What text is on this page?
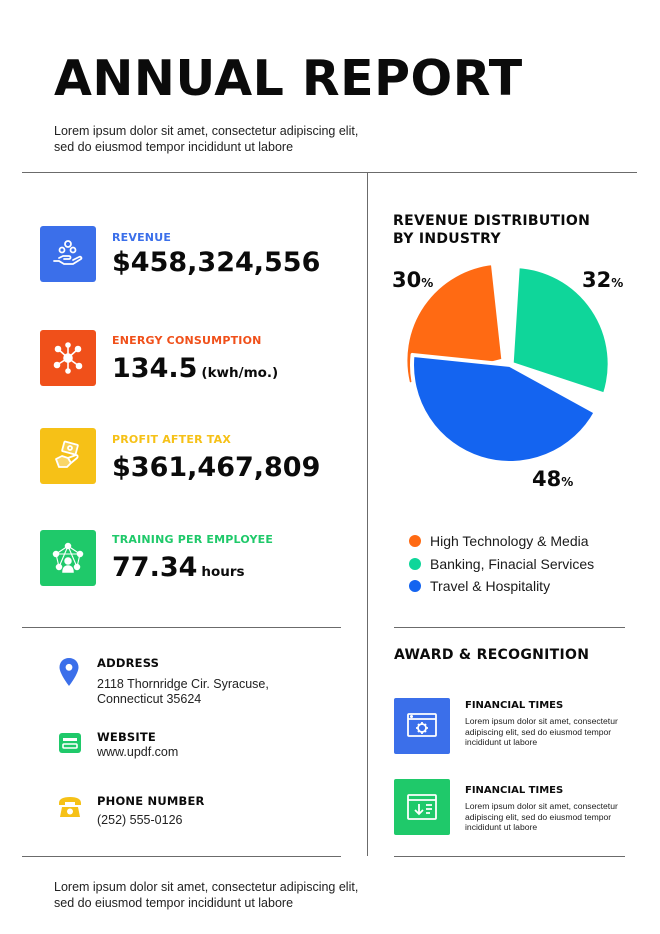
ANNUAL REPORT
Lorem ipsum dolor sit amet, consectetur adipiscing elit,
sed do eiusmod tempor incididunt ut labore
REVENUE
$458,324,556
ENERGY CONSUMPTION
134.5 (kwh/mo.)
PROFIT AFTER TAX
$361,467,809
TRAINING PER EMPLOYEE
77.34 hours
REVENUE DISTRIBUTION
BY INDUSTRY
30%	32%
48%
High Technology & Media
Banking, Finacial Services
Travel & Hospitality
ADDRESS
2118 Thornridge Cir. Syracuse,
Connecticut 35624
WEBSITE
www.updf.com
PHONE NUMBER
(252) 555-0126
AWARD & RECOGNITION
FINANCIAL TIMES
Lorem ipsum dolor sit amet, consectetur
adipiscing elit, sed do eiusmod tempor
incididunt ut labore
FINANCIAL TIMES
Lorem ipsum dolor sit amet, consectetur
adipiscing elit, sed do eiusmod tempor
incididunt ut labore
Lorem ipsum dolor sit amet, consectetur adipiscing elit,
sed do eiusmod tempor incididunt ut labore
